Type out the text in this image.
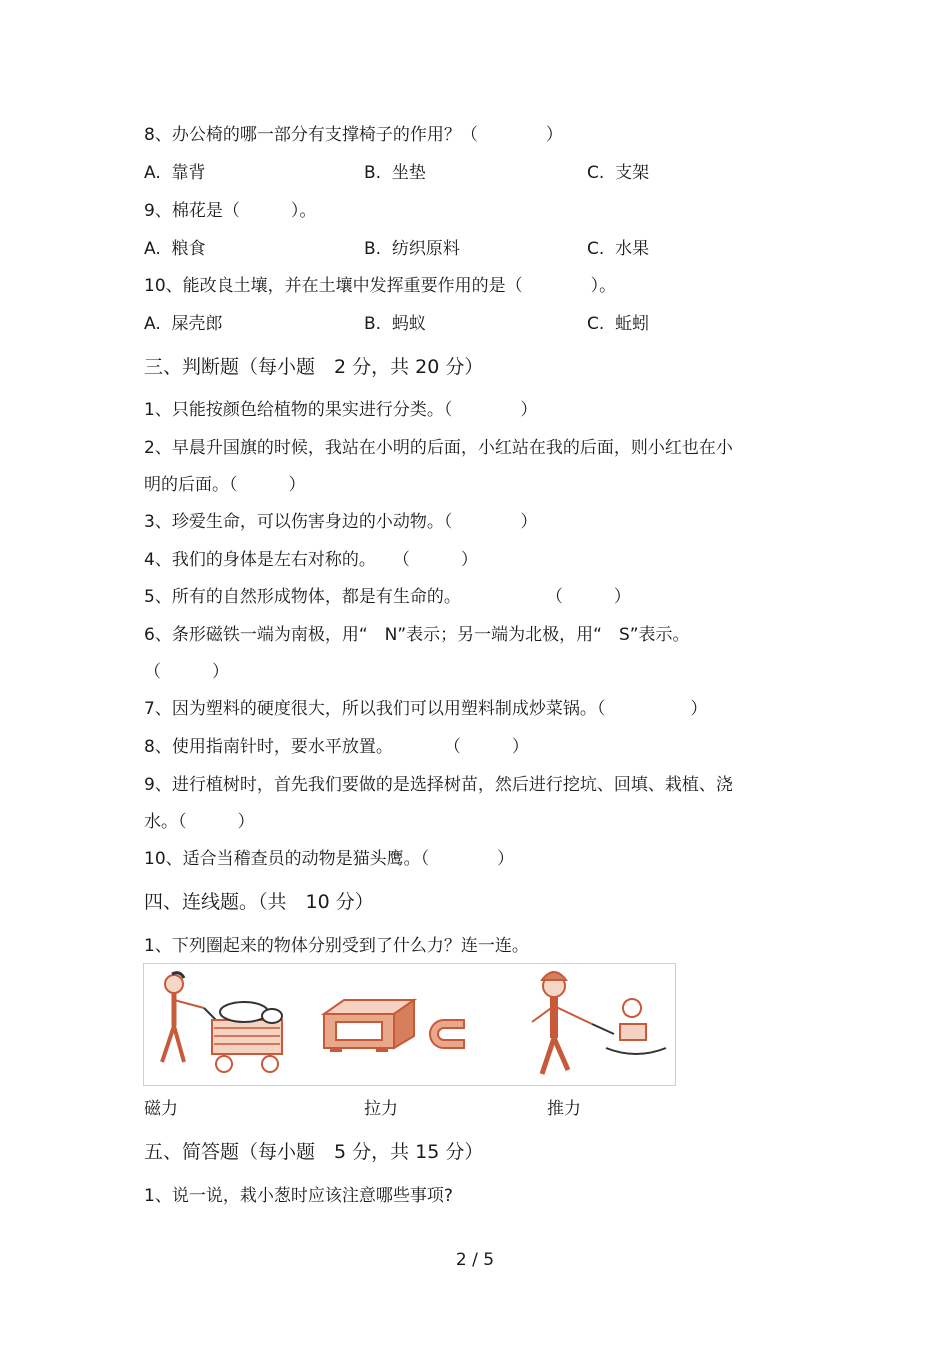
8、办公椅的哪一部分有支撑椅子的作用？（　　　　）
A.  靠背	B.  坐垫	C.  支架
9、棉花是（　　　）。
A.  粮食	B.  纺织原料	C.  水果
10、能改良土壤，并在土壤中发挥重要作用的是（　　　　）。
A.  屎壳郎	B.  蚂蚁	C.  蚯蚓
三、判断题（每小题　2 分，共 20 分）
1、只能按颜色给植物的果实进行分类。（　　　　）
2、早晨升国旗的时候，我站在小明的后面，小红站在我的后面，则小红也在小
明的后面。（　　　）
3、珍爱生命，可以伤害身边的小动物。（　　　　）
4、我们的身体是左右对称的。　　（　　　）
5、所有的自然形成物体，都是有生命的。　　　　　　（　　　）
6、条形磁铁一端为南极，用“　N”表示；另一端为北极，用“　S”表示。
（　　　）
7、因为塑料的硬度很大，所以我们可以用塑料制成炒菜锅。（　　　　　）
8、使用指南针时，要水平放置。　　　　（　　　）
9、进行植树时，首先我们要做的是选择树苗，然后进行挖坑、回填、栽植、浇
水。（　　　）
10、适合当稽查员的动物是猫头鹰。（　　　　）
四、连线题。（共　10 分）
1、下列圈起来的物体分别受到了什么力？连一连。
磁力	拉力	推力
五、简答题（每小题　5 分，共 15 分）
1、说一说，栽小葱时应该注意哪些事项?
2 / 5
